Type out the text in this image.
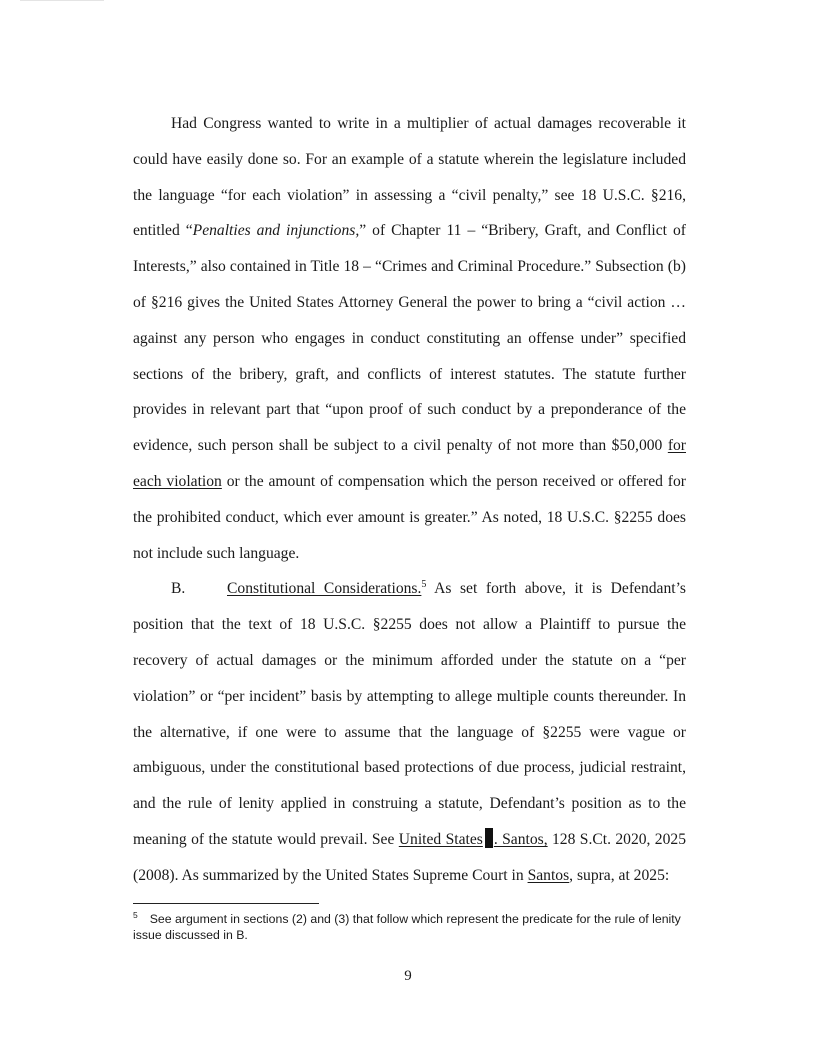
Had Congress wanted to write in a multiplier of actual damages recoverable it could have easily done so. For an example of a statute wherein the legislature included the language “for each violation” in assessing a “civil penalty,” see 18 U.S.C. §216, entitled “Penalties and injunctions,” of Chapter 11 – “Bribery, Graft, and Conflict of Interests,” also contained in Title 18 – “Crimes and Criminal Procedure.” Subsection (b) of §216 gives the United States Attorney General the power to bring a “civil action … against any person who engages in conduct constituting an offense under” specified sections of the bribery, graft, and conflicts of interest statutes. The statute further provides in relevant part that “upon proof of such conduct by a preponderance of the evidence, such person shall be subject to a civil penalty of not more than $50,000 for each violation or the amount of compensation which the person received or offered for the prohibited conduct, which ever amount is greater.” As noted, 18 U.S.C. §2255 does not include such language.

B.	Constitutional Considerations.$^5$ As set forth above, it is Defendant’s position that the text of 18 U.S.C. §2255 does not allow a Plaintiff to pursue the recovery of actual damages or the minimum afforded under the statute on a “per violation” or “per incident” basis by attempting to allege multiple counts thereunder. In the alternative, if one were to assume that the language of §2255 were vague or ambiguous, under the constitutional based protections of due process, judicial restraint, and the rule of lenity applied in construing a statute, Defendant’s position as to the meaning of the statute would prevail. See United States . Santos, 128 S.Ct. 2020, 2025 (2008). As summarized by the United States Supreme Court in Santos, supra, at 2025:

$^5$ See argument in sections (2) and (3) that follow which represent the predicate for the rule of lenity issue discussed in B.
9
